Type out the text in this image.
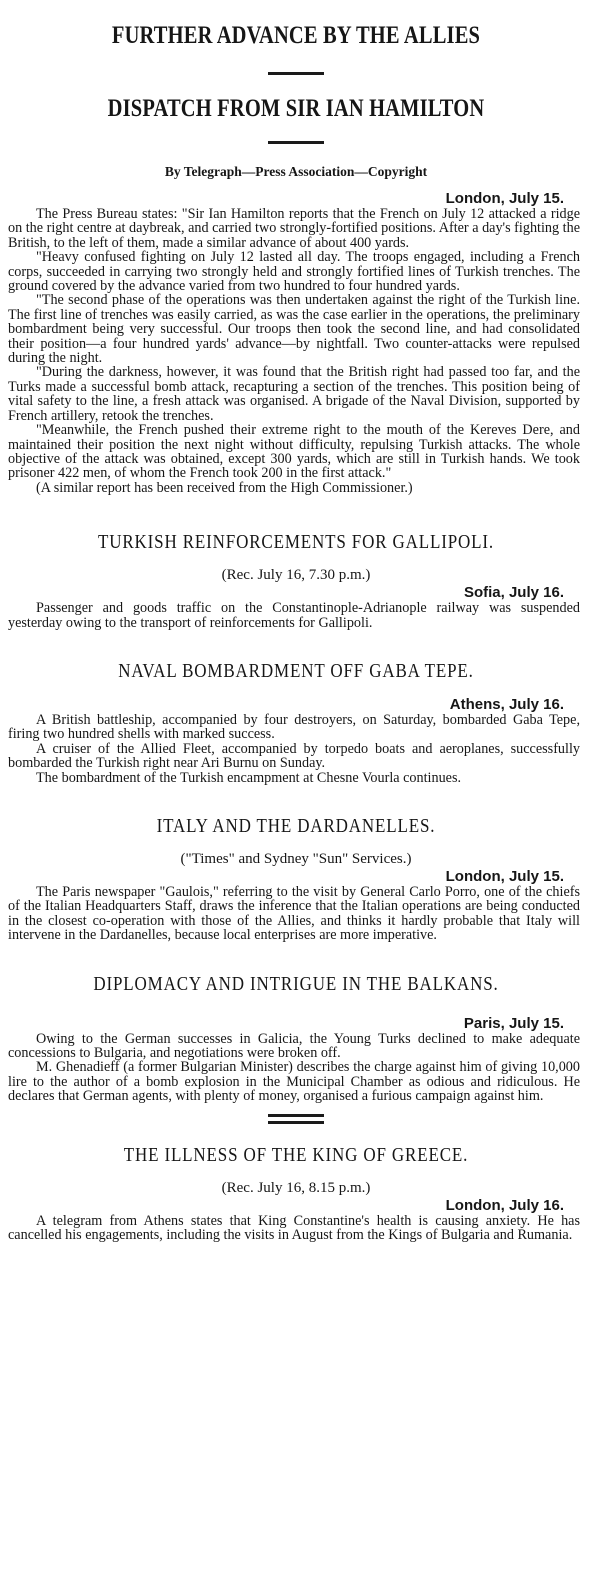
FURTHER ADVANCE BY THE ALLIES
DISPATCH FROM SIR IAN HAMILTON
By Telegraph—Press Association—Copyright
London, July 15.

The Press Bureau states: "Sir Ian Hamilton reports that the French on July 12 attacked a ridge on the right centre at daybreak, and carried two strongly-fortified positions. After a day's fighting the British, to the left of them, made a similar advance of about 400 yards.

"Heavy confused fighting on July 12 lasted all day. The troops engaged, including a French corps, succeeded in carrying two strongly held and strongly fortified lines of Turkish trenches. The ground covered by the advance varied from two hundred to four hundred yards.

"The second phase of the operations was then undertaken against the right of the Turkish line. The first line of trenches was easily carried, as was the case earlier in the operations, the preliminary bombardment being very successful. Our troops then took the second line, and had consolidated their position—a four hundred yards' advance—by nightfall. Two counter-attacks were repulsed during the night.

"During the darkness, however, it was found that the British right had passed too far, and the Turks made a successful bomb attack, recapturing a section of the trenches. This position being of vital safety to the line, a fresh attack was organised. A brigade of the Naval Division, supported by French artillery, retook the trenches.

"Meanwhile, the French pushed their extreme right to the mouth of the Kereves Dere, and maintained their position the next night without difficulty, repulsing Turkish attacks. The whole objective of the attack was obtained, except 300 yards, which are still in Turkish hands. We took prisoner 422 men, of whom the French took 200 in the first attack."

(A similar report has been received from the High Commissioner.)

TURKISH REINFORCEMENTS FOR GALLIPOLI.
(Rec. July 16, 7.30 p.m.)
Sofia, July 16.

Passenger and goods traffic on the Constantinople-Adrianople railway was suspended yesterday owing to the transport of reinforcements for Gallipoli.

NAVAL BOMBARDMENT OFF GABA TEPE.
Athens, July 16.

A British battleship, accompanied by four destroyers, on Saturday, bombarded Gaba Tepe, firing two hundred shells with marked success.

A cruiser of the Allied Fleet, accompanied by torpedo boats and aeroplanes, successfully bombarded the Turkish right near Ari Burnu on Sunday.

The bombardment of the Turkish encampment at Chesne Vourla continues.

ITALY AND THE DARDANELLES.
("Times" and Sydney "Sun" Services.)
London, July 15.

The Paris newspaper "Gaulois," referring to the visit by General Carlo Porro, one of the chiefs of the Italian Headquarters Staff, draws the inference that the Italian operations are being conducted in the closest co-operation with those of the Allies, and thinks it hardly probable that Italy will intervene in the Dardanelles, because local enterprises are more imperative.

DIPLOMACY AND INTRIGUE IN THE BALKANS.
Paris, July 15.

Owing to the German successes in Galicia, the Young Turks declined to make adequate concessions to Bulgaria, and negotiations were broken off.

M. Ghenadieff (a former Bulgarian Minister) describes the charge against him of giving 10,000 lire to the author of a bomb explosion in the Municipal Chamber as odious and ridiculous. He declares that German agents, with plenty of money, organised a furious campaign against him.

THE ILLNESS OF THE KING OF GREECE.
(Rec. July 16, 8.15 p.m.)
London, July 16.

A telegram from Athens states that King Constantine's health is causing anxiety. He has cancelled his engagements, including the visits in August from the Kings of Bulgaria and Rumania.
